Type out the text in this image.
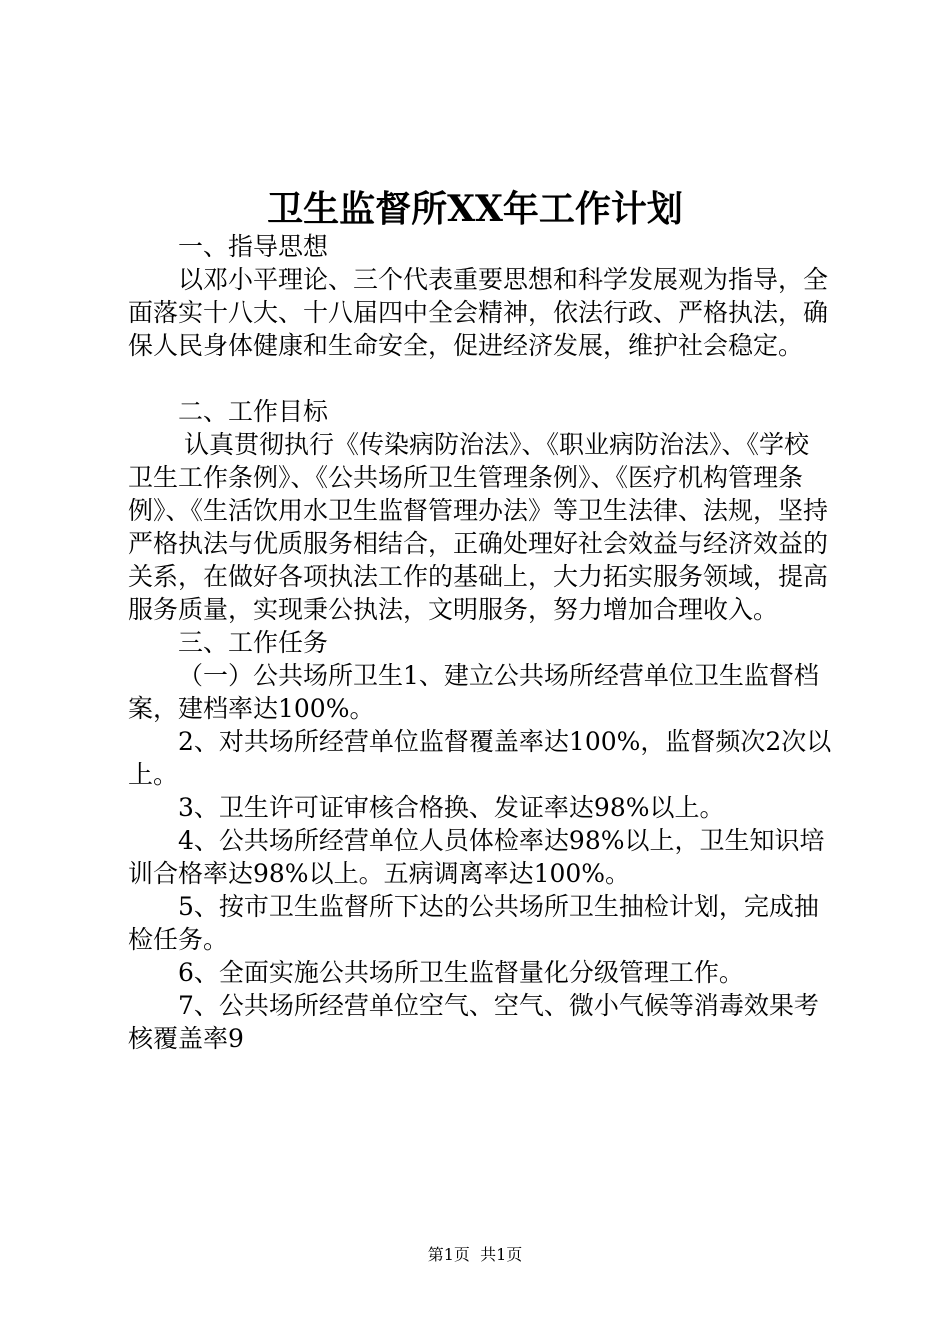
卫生监督所XX年工作计划

一、指导思想

以邓小平理论、三个代表重要思想和科学发展观为指导，全面落实十八大、十八届四中全会精神，依法行政、严格执法，确保人民身体健康和生命安全，促进经济发展，维护社会稳定。

二、工作目标

认真贯彻执行《传染病防治法》、《职业病防治法》、《学校卫生工作条例》、《公共场所卫生管理条例》、《医疗机构管理条例》、《生活饮用水卫生监督管理办法》等卫生法律、法规，坚持严格执法与优质服务相结合，正确处理好社会效益与经济效益的关系，在做好各项执法工作的基础上，大力拓实服务领域，提高服务质量，实现秉公执法，文明服务，努力增加合理收入。

三、工作任务

（一）公共场所卫生1、建立公共场所经营单位卫生监督档案，建档率达100%。

2、对共场所经营单位监督覆盖率达100%，监督频次2次以上。

3、卫生许可证审核合格换、发证率达98%以上。

4、公共场所经营单位人员体检率达98%以上，卫生知识培训合格率达98%以上。五病调离率达100%。

5、按市卫生监督所下达的公共场所卫生抽检计划，完成抽检任务。

6、全面实施公共场所卫生监督量化分级管理工作。

7、公共场所经营单位空气、空气、微小气候等消毒效果考核覆盖率9

第1页  共1页
